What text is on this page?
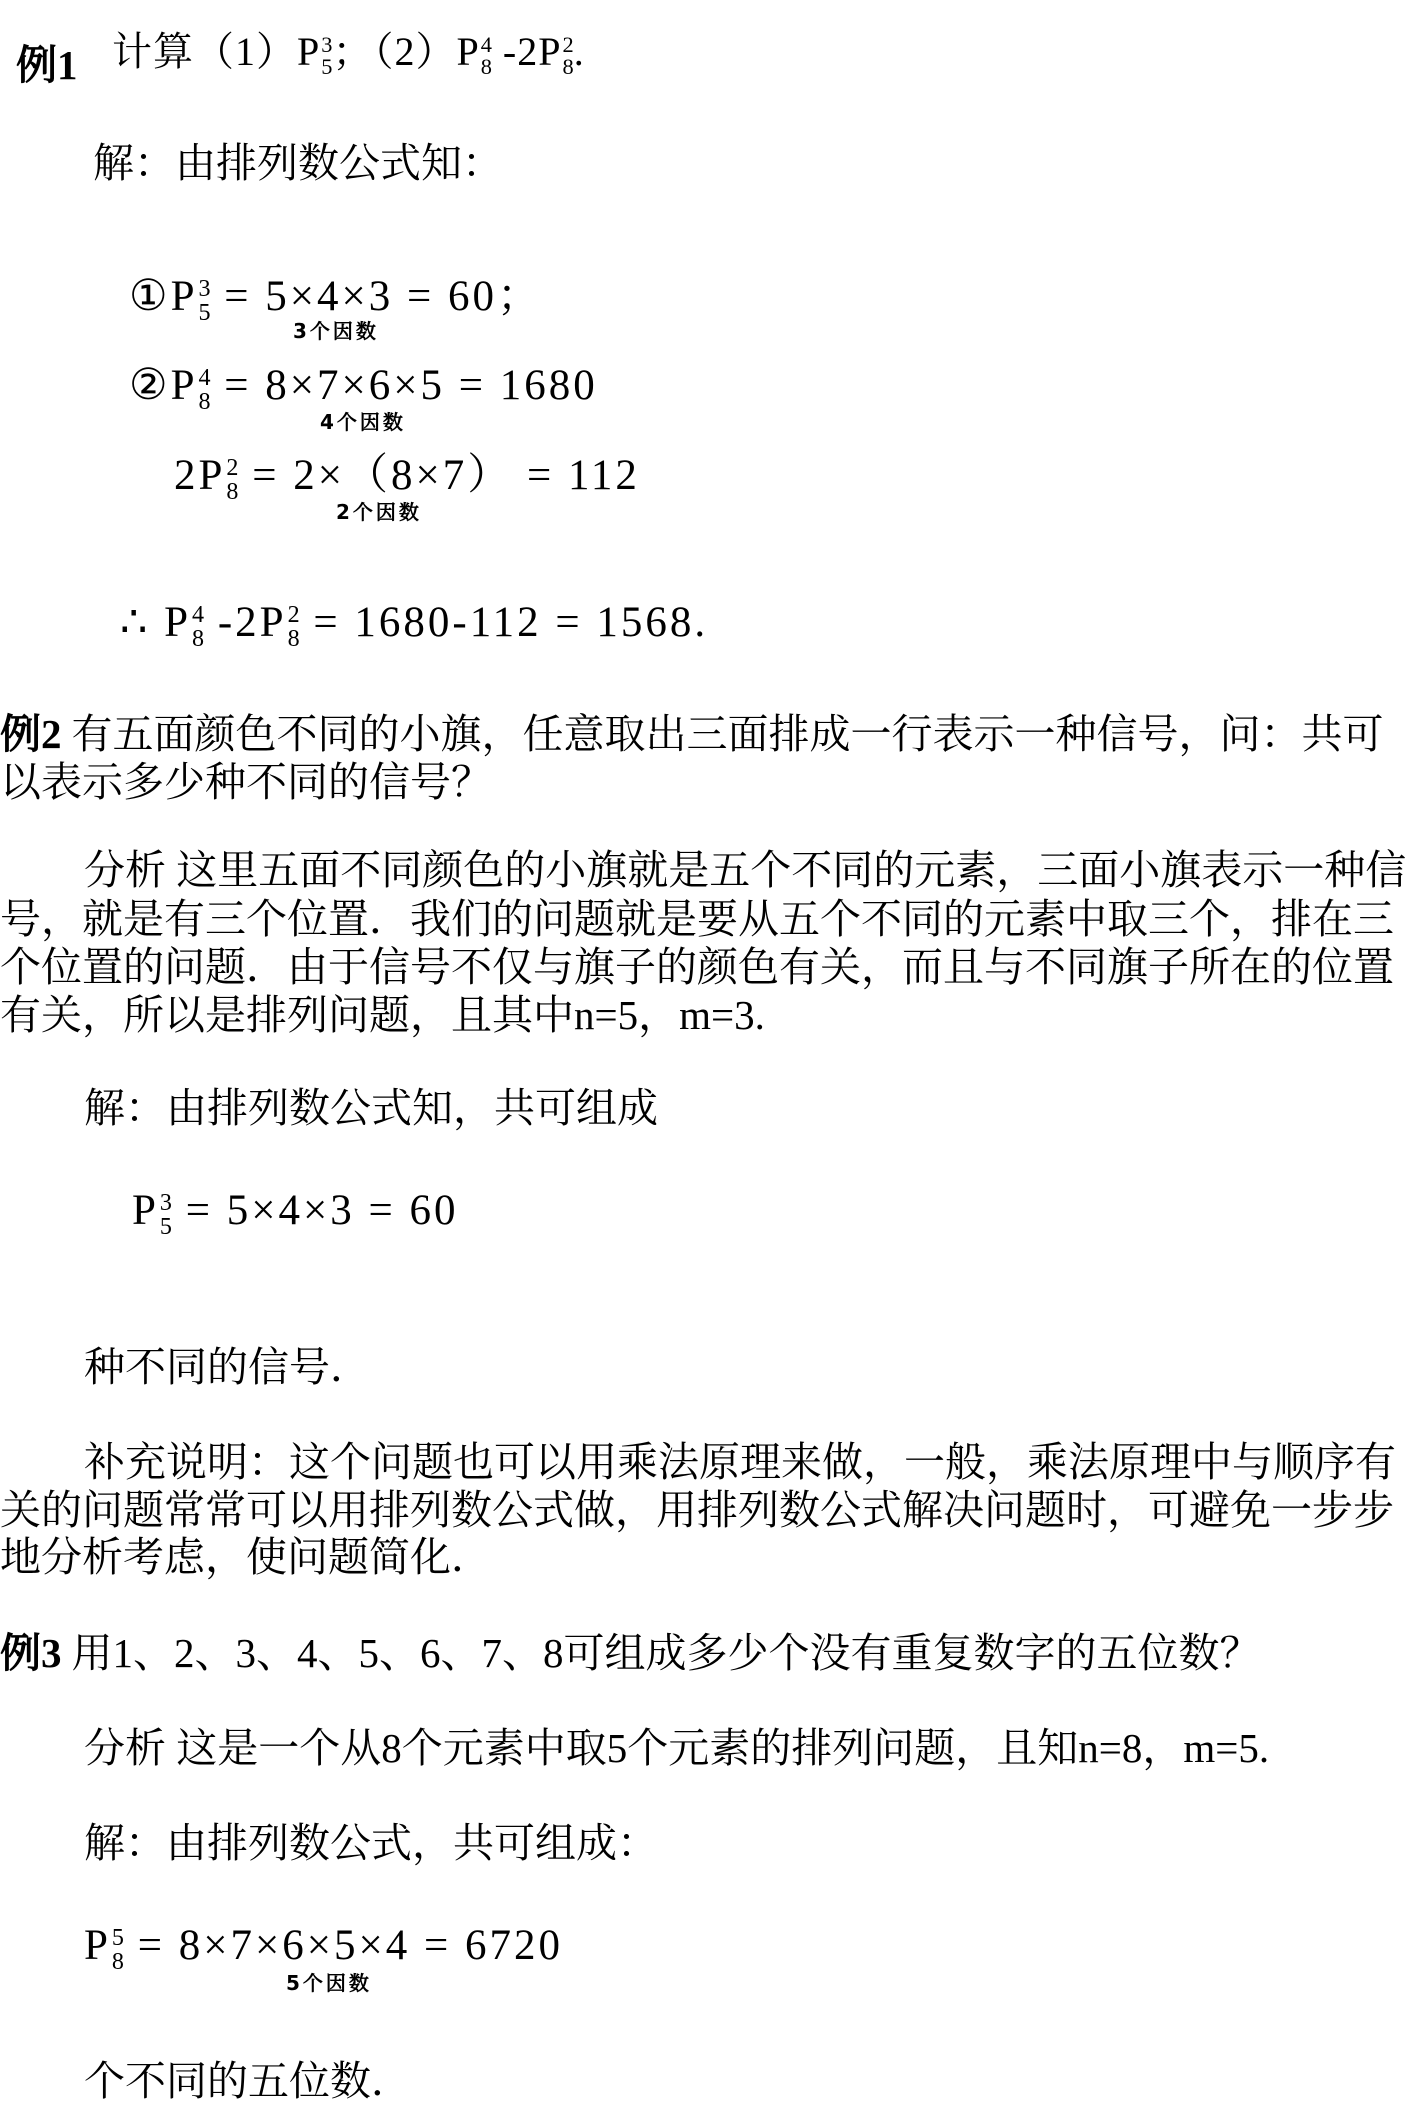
例1 计算（1）P 3
5 ；（2）P 4
8 -2P 2
8 .
解：由排列数公式知：
①P 3
5 = 5×4×3 = 60；
3个因数
②P 4
8 = 8×7×6×5 = 1680
4个因数
2P 2
8 = 2×（8×7） = 112
2个因数
∴ P 4
8 -2P 2
8 = 1680-112 = 1568.
例2 有五面颜色不同的小旗，任意取出三面排成一行表示一种信号，问：共可
以表示多少种不同的信号？
分析 这里五面不同颜色的小旗就是五个不同的元素，三面小旗表示一种信
号，就是有三个位置．我们的问题就是要从五个不同的元素中取三个，排在三
个位置的问题．由于信号不仅与旗子的颜色有关，而且与不同旗子所在的位置
有关，所以是排列问题，且其中n=5，m=3.
解：由排列数公式知，共可组成
P 3
5 = 5×4×3 = 60
种不同的信号．
补充说明：这个问题也可以用乘法原理来做，一般，乘法原理中与顺序有
关的问题常常可以用排列数公式做，用排列数公式解决问题时，可避免一步步
地分析考虑，使问题简化．
例3 用1、2、3、4、5、6、7、8可组成多少个没有重复数字的五位数？
分析 这是一个从8个元素中取5个元素的排列问题，且知n=8，m=5.
解：由排列数公式，共可组成：
P 5
8 = 8×7×6×5×4 = 6720
5个因数
个不同的五位数．
